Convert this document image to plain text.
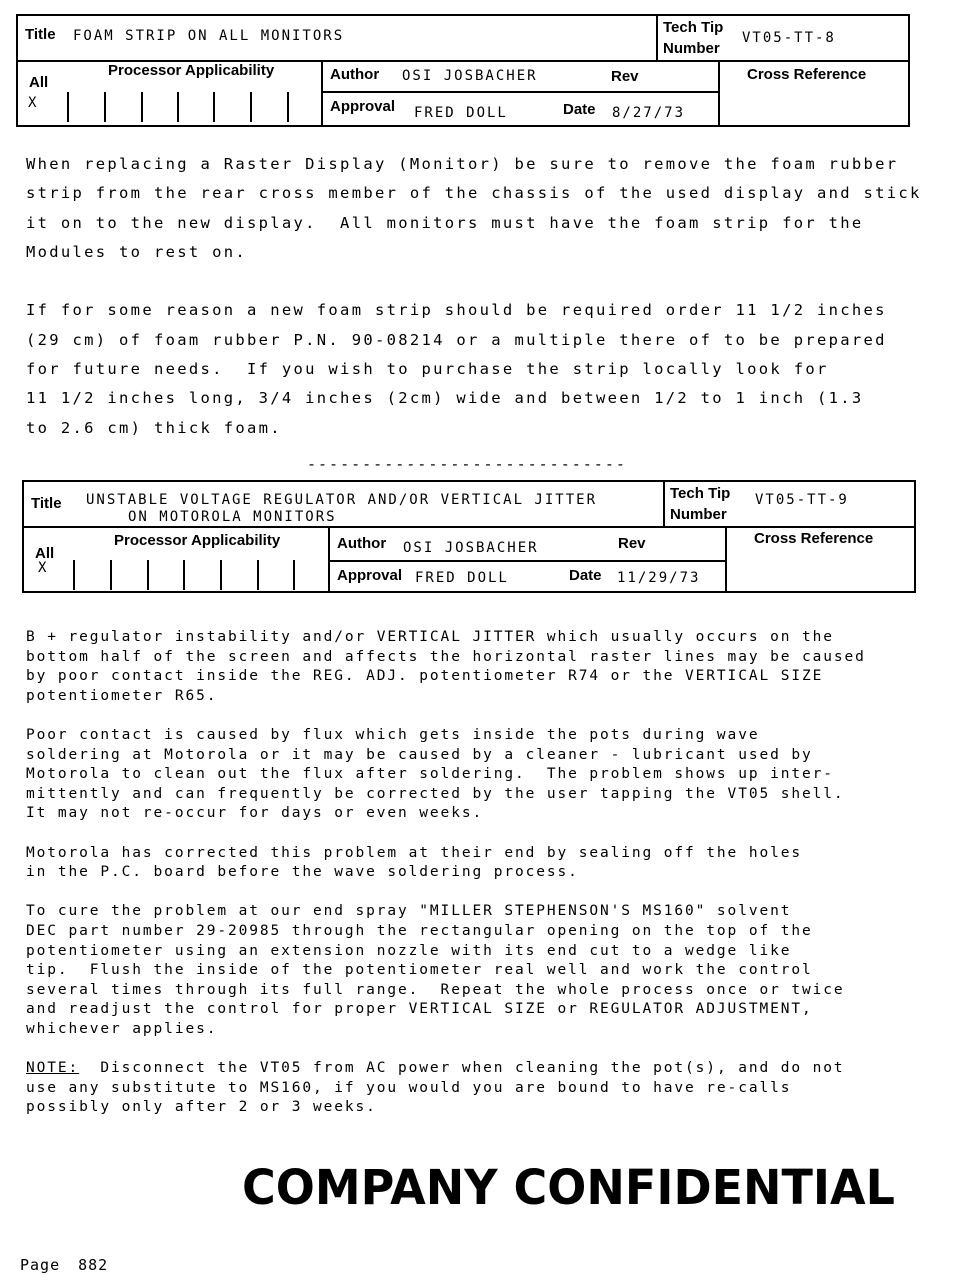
Title FOAM STRIP ON ALL MONITORS	Tech Tip
Number
VT05-TT-8
All
X
Processor Applicability	Author OSI JOSBACHER	Rev
Approval FRED DOLL	Date 8/27/73
Cross Reference
When replacing a Raster Display (Monitor) be sure to remove the foam rubber
strip from the rear cross member of the chassis of the used display and stick
it on to the new display.  All monitors must have the foam strip for the
Modules to rest on.

If for some reason a new foam strip should be required order 11 1/2 inches
(29 cm) of foam rubber P.N. 90-08214 or a multiple there of to be prepared
for future needs.  If you wish to purchase the strip locally look for
11 1/2 inches long, 3/4 inches (2cm) wide and between 1/2 to 1 inch (1.3
to 2.6 cm) thick foam.
-----------------------------
Title UNSTABLE VOLTAGE REGULATOR AND/OR VERTICAL JITTER
ON MOTOROLA MONITORS
Tech Tip
Number
VT05-TT-9
All
X
Processor Applicability	Author OSI JOSBACHER	Rev
Approval FRED DOLL	Date 11/29/73
Cross Reference
B + regulator instability and/or VERTICAL JITTER which usually occurs on the
bottom half of the screen and affects the horizontal raster lines may be caused
by poor contact inside the REG. ADJ. potentiometer R74 or the VERTICAL SIZE
potentiometer R65.

Poor contact is caused by flux which gets inside the pots during wave
soldering at Motorola or it may be caused by a cleaner - lubricant used by
Motorola to clean out the flux after soldering.  The problem shows up inter-
mittently and can frequently be corrected by the user tapping the VT05 shell.
It may not re-occur for days or even weeks.

Motorola has corrected this problem at their end by sealing off the holes
in the P.C. board before the wave soldering process.

To cure the problem at our end spray "MILLER STEPHENSON'S MS160" solvent
DEC part number 29-20985 through the rectangular opening on the top of the
potentiometer using an extension nozzle with its end cut to a wedge like
tip.  Flush the inside of the potentiometer real well and work the control
several times through its full range.  Repeat the whole process once or twice
and readjust the control for proper VERTICAL SIZE or REGULATOR ADJUSTMENT,
whichever applies.
NOTE:  Disconnect the VT05 from AC power when cleaning the pot(s), and do not
use any substitute to MS160, if you would you are bound to have re-calls
possibly only after 2 or 3 weeks.
COMPANY CONFIDENTIAL
Page 882
